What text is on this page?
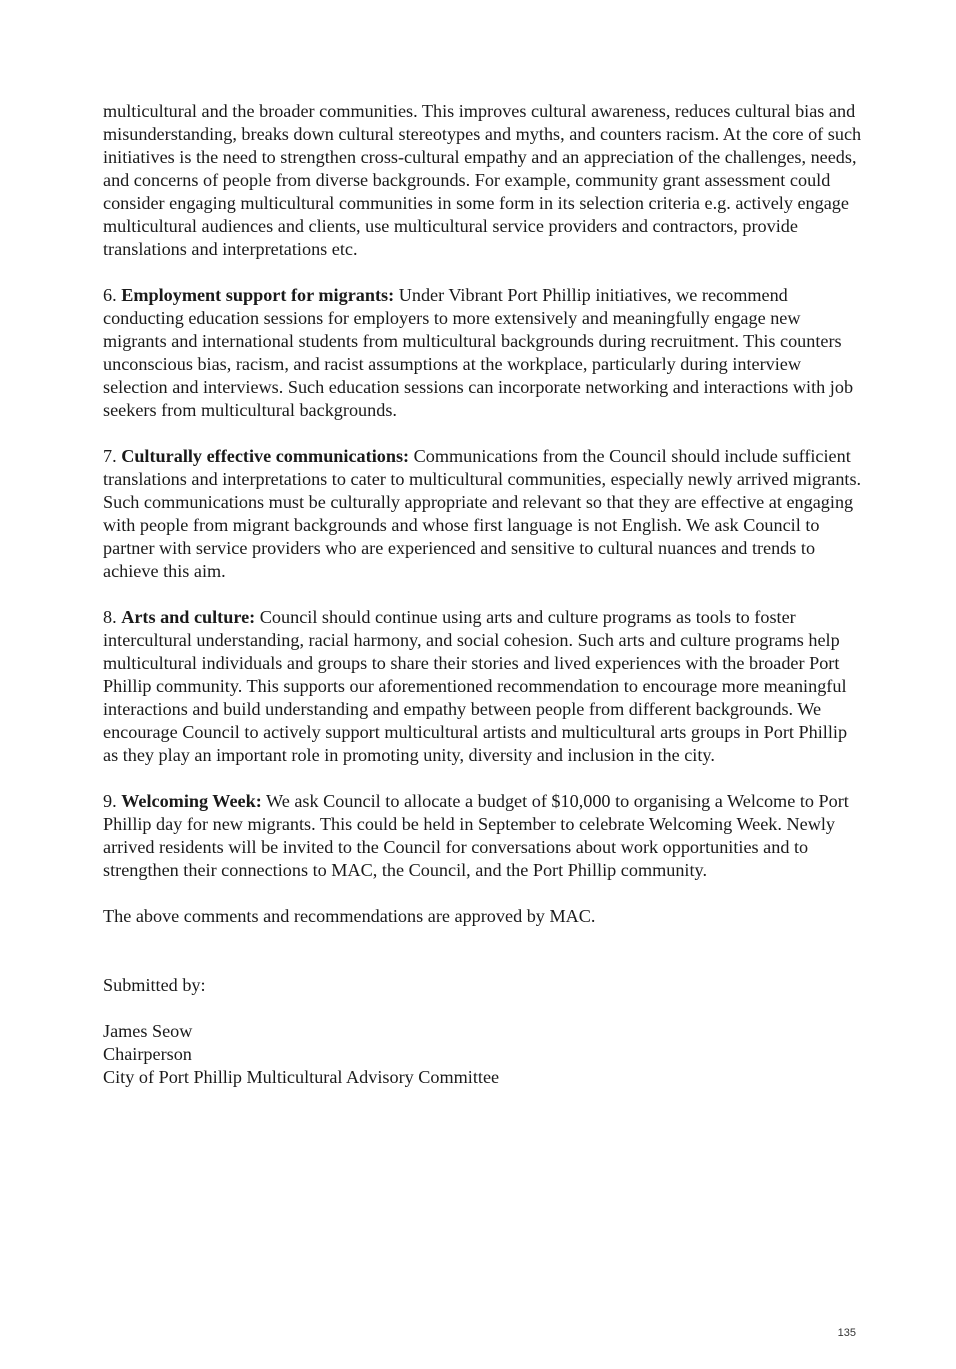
multicultural and the broader communities. This improves cultural awareness, reduces cultural bias and misunderstanding, breaks down cultural stereotypes and myths, and counters racism. At the core of such initiatives is the need to strengthen cross-cultural empathy and an appreciation of the challenges, needs, and concerns of people from diverse backgrounds. For example, community grant assessment could consider engaging multicultural communities in some form in its selection criteria e.g. actively engage multicultural audiences and clients, use multicultural service providers and contractors, provide translations and interpretations etc.

6. Employment support for migrants: Under Vibrant Port Phillip initiatives, we recommend conducting education sessions for employers to more extensively and meaningfully engage new migrants and international students from multicultural backgrounds during recruitment. This counters unconscious bias, racism, and racist assumptions at the workplace, particularly during interview selection and interviews. Such education sessions can incorporate networking and interactions with job seekers from multicultural backgrounds.

7. Culturally effective communications: Communications from the Council should include sufficient translations and interpretations to cater to multicultural communities, especially newly arrived migrants. Such communications must be culturally appropriate and relevant so that they are effective at engaging with people from migrant backgrounds and whose first language is not English. We ask Council to partner with service providers who are experienced and sensitive to cultural nuances and trends to achieve this aim.

8. Arts and culture: Council should continue using arts and culture programs as tools to foster intercultural understanding, racial harmony, and social cohesion. Such arts and culture programs help multicultural individuals and groups to share their stories and lived experiences with the broader Port Phillip community. This supports our aforementioned recommendation to encourage more meaningful interactions and build understanding and empathy between people from different backgrounds. We encourage Council to actively support multicultural artists and multicultural arts groups in Port Phillip as they play an important role in promoting unity, diversity and inclusion in the city.

9. Welcoming Week: We ask Council to allocate a budget of $10,000 to organising a Welcome to Port Phillip day for new migrants. This could be held in September to celebrate Welcoming Week. Newly arrived residents will be invited to the Council for conversations about work opportunities and to strengthen their connections to MAC, the Council, and the Port Phillip community.

The above comments and recommendations are approved by MAC.

Submitted by:

James Seow
Chairperson
City of Port Phillip Multicultural Advisory Committee

135
